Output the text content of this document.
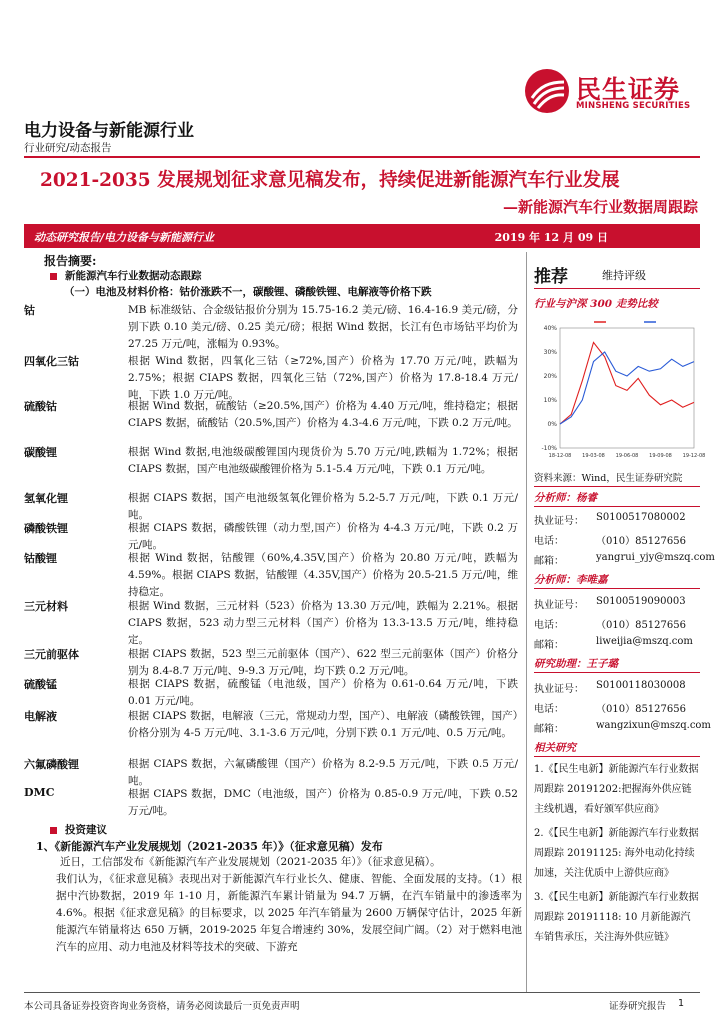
民生证券
MINSHENG SECURITIES
电力设备与新能源行业
行业研究/动态报告
2021-2035 发展规划征求意见稿发布，持续促进新能源汽车行业发展
—新能源汽车行业数据周跟踪
动态研究报告/电力设备与新能源行业	2019 年 12 月 09 日
报告摘要:
新能源汽车行业数据动态跟踪
（一）电池及材料价格：钴价涨跌不一，碳酸锂、磷酸铁锂、电解液等价格下跌
钴	MB 标准级钴、合金级钴报价分别为 15.75-16.2 美元/磅、16.4-16.9 美元/磅，分别下跌 0.10 美元/磅、0.25 美元/磅；根据 Wind 数据，长江有色市场钴平均价为 27.25 万元/吨，涨幅为 0.93%。
四氧化三钴	根据 Wind 数据，四氧化三钴（≥72%,国产）价格为 17.70 万元/吨，跌幅为 2.75%；根据 CIAPS 数据，四氧化三钴（72%,国产）价格为 17.8-18.4 万元/吨，下跌 1.0 万元/吨。
硫酸钴	根据 Wind 数据，硫酸钴（≥20.5%,国产）价格为 4.40 万元/吨，维持稳定；根据 CIAPS 数据，硫酸钴（20.5%,国产）价格为 4.3-4.6 万元/吨，下跌 0.2 万元/吨。
碳酸锂	根据 Wind 数据,电池级碳酸锂国内现货价为 5.70 万元/吨,跌幅为 1.72%；根据 CIAPS 数据，国产电池级碳酸锂价格为 5.1-5.4 万元/吨，下跌 0.1 万元/吨。
氢氧化锂	根据 CIAPS 数据，国产电池级氢氧化锂价格为 5.2-5.7 万元/吨，下跌 0.1 万元/吨。
磷酸铁锂	根据 CIAPS 数据，磷酸铁锂（动力型,国产）价格为 4-4.3 万元/吨，下跌 0.2 万元/吨。
钴酸锂	根据 Wind 数据，钴酸锂（60%,4.35V,国产）价格为 20.80 万元/吨，跌幅为 4.59%。根据 CIAPS 数据，钴酸锂（4.35V,国产）价格为 20.5-21.5 万元/吨，维持稳定。
三元材料	根据 Wind 数据，三元材料（523）价格为 13.30 万元/吨，跌幅为 2.21%。根据 CIAPS 数据，523 动力型三元材料（国产）价格为 13.3-13.5 万元/吨，维持稳定。
三元前驱体	根据 CIAPS 数据，523 型三元前驱体（国产）、622 型三元前驱体（国产）价格分别为 8.4-8.7 万元/吨、9-9.3 万元/吨，均下跌 0.2 万元/吨。
硫酸锰	根据 CIAPS 数据，硫酸锰（电池级，国产）价格为 0.61-0.64 万元/吨，下跌 0.01 万元/吨。
电解液	根据 CIAPS 数据，电解液（三元，常规动力型，国产）、电解液（磷酸铁锂，国产）价格分别为 4-5 万元/吨、3.1-3.6 万元/吨，分别下跌 0.1 万元/吨、0.5 万元/吨。
六氟磷酸锂	根据 CIAPS 数据，六氟磷酸锂（国产）价格为 8.2-9.5 万元/吨，下跌 0.5 万元/吨。
DMC	根据 CIAPS 数据，DMC（电池级，国产）价格为 0.85-0.9 万元/吨，下跌 0.52 万元/吨。
投资建议
1、《新能源汽车产业发展规划（2021-2035 年）》（征求意见稿）发布
近日，工信部发布《新能源汽车产业发展规划（2021-2035 年）》（征求意见稿）。
我们认为，《征求意见稿》表现出对于新能源汽车行业长久、健康、智能、全面发展的支持。（1）根据中汽协数据，2019 年 1-10 月，新能源汽车累计销量为 94.7 万辆，在汽车销量中的渗透率为 4.6%。根据《征求意见稿》的目标要求，以 2025 年汽车销量为 2600 万辆保守估计，2025 年新能源汽车销量将达 650 万辆，2019-2025 年复合增速约 30%，发展空间广阔。（2）对于燃料电池汽车的应用、动力电池及材料等技术的突破、下游充
推荐	维持评级
行业与沪深 300 走势比较
40%
30%
20%
10%
0%
-10%
18-12-08 19-03-08 19-06-08 19-09-08 19-12-08
资料来源：Wind，民生证券研究院
分析师：杨睿
执业证号： S0100517080002
电话：	（010）85127656
邮箱：	yangrui_yjy@mszq.com
分析师：李唯嘉
执业证号： S0100519090003
电话：	（010）85127656
邮箱：	liweijia@mszq.com
研究助理：王子璐
执业证号： S0100118030008
电话：	（010）85127656
邮箱：	wangzixun@mszq.com
相关研究
1.《【民生电新】新能源汽车行业数据周跟踪 20191202:把握海外供应链主线机遇，看好颁军供应商》
2.《【民生电新】新能源汽车行业数据周跟踪 20191125: 海外电动化持续加速，关注优质中上游供应商》
3.《【民生电新】新能源汽车行业数据周跟踪 20191118: 10 月新能源汽车销售承压，关注海外供应链》
本公司具备证券投资咨询业务资格，请务必阅读最后一页免责声明	证券研究报告 1
